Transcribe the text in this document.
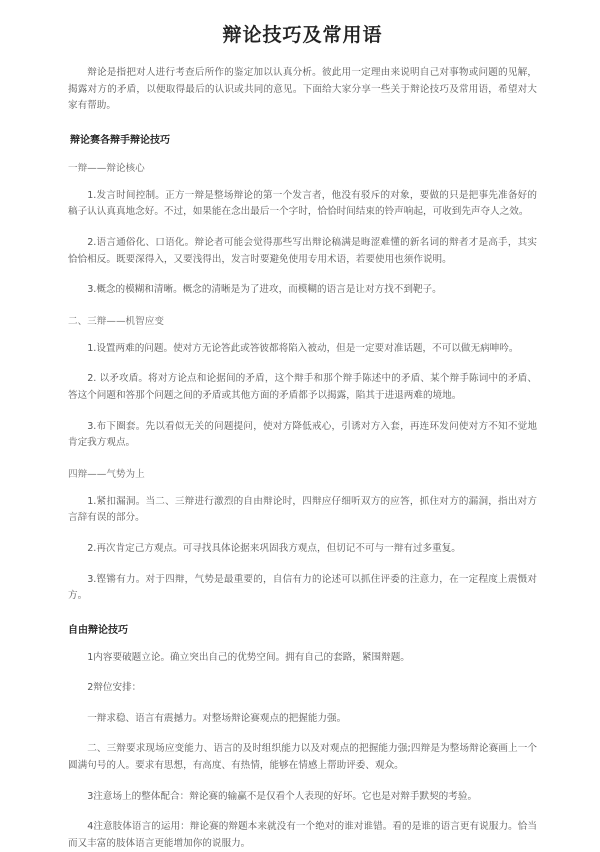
辩论技巧及常用语

辩论是指把对人进行考查后所作的鉴定加以认真分析。彼此用一定理由来说明自己对事物或问题的见解，揭露对方的矛盾，以便取得最后的认识或共同的意见。下面给大家分享一些关于辩论技巧及常用语，希望对大家有帮助。

辩论赛各辩手辩论技巧

一辩——辩论核心

1.发言时间控制。正方一辩是整场辩论的第一个发言者，他没有驳斥的对象，要做的只是把事先准备好的稿子认认真真地念好。不过，如果能在念出最后一个字时，恰恰时间结束的铃声响起，可收到先声夺人之效。

2.语言通俗化、口语化。辩论者可能会觉得那些写出辩论稿满是晦涩难懂的新名词的辩者才是高手，其实恰恰相反。既要深得入，又要浅得出，发言时要避免使用专用术语，若要使用也须作说明。

3.概念的模糊和清晰。概念的清晰是为了进攻，而模糊的语言是让对方找不到靶子。

二、三辩——机智应变

1.设置两难的问题。使对方无论答此或答彼都将陷入被动，但是一定要对准话题，不可以做无病呻吟。

2. 以矛攻盾。将对方论点和论据间的矛盾，这个辩手和那个辩手陈述中的矛盾、某个辩手陈词中的矛盾、答这个问题和答那个问题之间的矛盾或其他方面的矛盾都予以揭露，陷其于进退两难的境地。

3.布下圈套。先以看似无关的问题提问，使对方降低戒心，引诱对方入套，再连环发问使对方不知不觉地肯定我方观点。

四辩——气势为上

1.紧扣漏洞。当二、三辩进行激烈的自由辩论时，四辩应仔细听双方的应答，抓住对方的漏洞，指出对方言辞有误的部分。

2.再次肯定己方观点。可寻找具体论据来巩固我方观点，但切记不可与一辩有过多重复。

3.铿锵有力。对于四辩，气势是最重要的，自信有力的论述可以抓住评委的注意力，在一定程度上震慑对方。

自由辩论技巧

1内容要破题立论。确立突出自己的优势空间。拥有自己的套路，紧围辩题。

2辩位安排：

一辩求稳、语言有震撼力。对整场辩论赛观点的把握能力强。

二、三辩要求现场应变能力、语言的及时组织能力以及对观点的把握能力强;四辩是为整场辩论赛画上一个圆满句号的人。要求有思想，有高度、有热情，能够在情感上帮助评委、观众。

3注意场上的整体配合：辩论赛的输赢不是仅看个人表现的好坏。它也是对辩手默契的考验。

4注意肢体语言的运用：辩论赛的辩题本来就没有一个绝对的谁对谁错。看的是谁的语言更有说服力。恰当而又丰富的肢体语言更能增加你的说服力。
